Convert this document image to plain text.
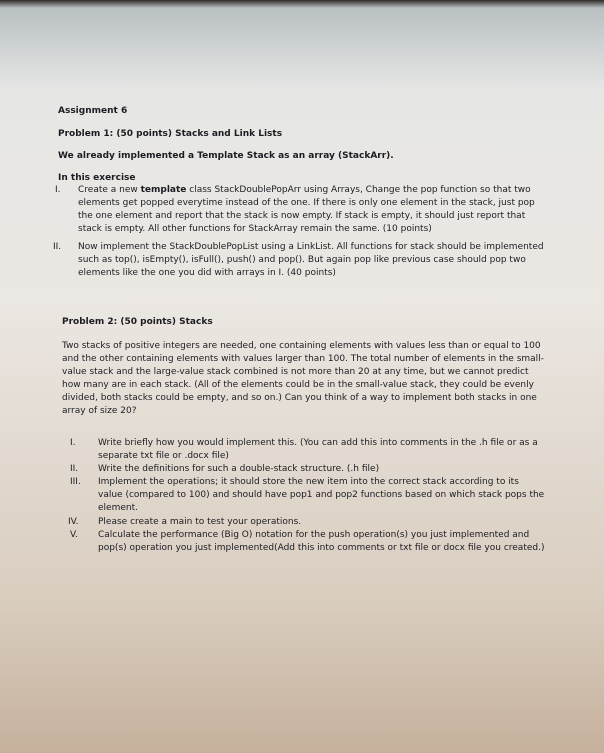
Assignment 6
Problem 1: (50 points) Stacks and Link Lists
We already implemented a Template Stack as an array (StackArr).
In this exercise
I.	Create a new template class StackDoublePopArr using Arrays, Change the pop function so that two elements get popped everytime instead of the one. If there is only one element in the stack, just pop the one element and report that the stack is now empty. If stack is empty, it should just report that stack is empty. All other functions for StackArray remain the same. (10 points)
II.	Now implement the StackDoublePopList using a LinkList. All functions for stack should be implemented such as top(), isEmpty(), isFull(), push() and pop(). But again pop like previous case should pop two elements like the one you did with arrays in I. (40 points)
Problem 2: (50 points) Stacks
Two stacks of positive integers are needed, one containing elements with values less than or equal to 100 and the other containing elements with values larger than 100. The total number of elements in the small-value stack and the large-value stack combined is not more than 20 at any time, but we cannot predict how many are in each stack. (All of the elements could be in the small-value stack, they could be evenly divided, both stacks could be empty, and so on.) Can you think of a way to implement both stacks in one array of size 20?
I.	Write briefly how you would implement this. (You can add this into comments in the .h file or as a separate txt file or .docx file)
II.	Write the definitions for such a double-stack structure. (.h file)
III.	Implement the operations; it should store the new item into the correct stack according to its value (compared to 100) and should have pop1 and pop2 functions based on which stack pops the element.
IV.	Please create a main to test your operations.
V.	Calculate the performance (Big O) notation for the push operation(s) you just implemented and pop(s) operation you just implemented(Add this into comments or txt file or docx file you created.)
